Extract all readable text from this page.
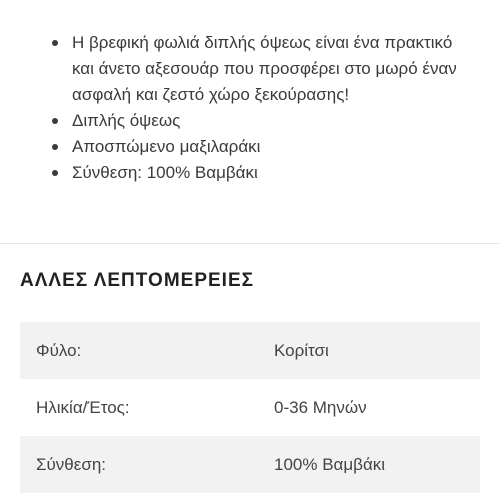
Η βρεφική φωλιά διπλής όψεως είναι ένα πρακτικό και άνετο αξεσουάρ που προσφέρει στο μωρό έναν ασφαλή και ζεστό χώρο ξεκούρασης!
Διπλής όψεως
Αποσπώμενο μαξιλαράκι
Σύνθεση: 100% Βαμβάκι
ΑΛΛΕΣ ΛΕΠΤΟΜΕΡΕΙΕΣ
Φύλο:	Κορίτσι
Ηλικία/Έτος:	0-36 Μηνών
Σύνθεση:	100% Βαμβάκι
